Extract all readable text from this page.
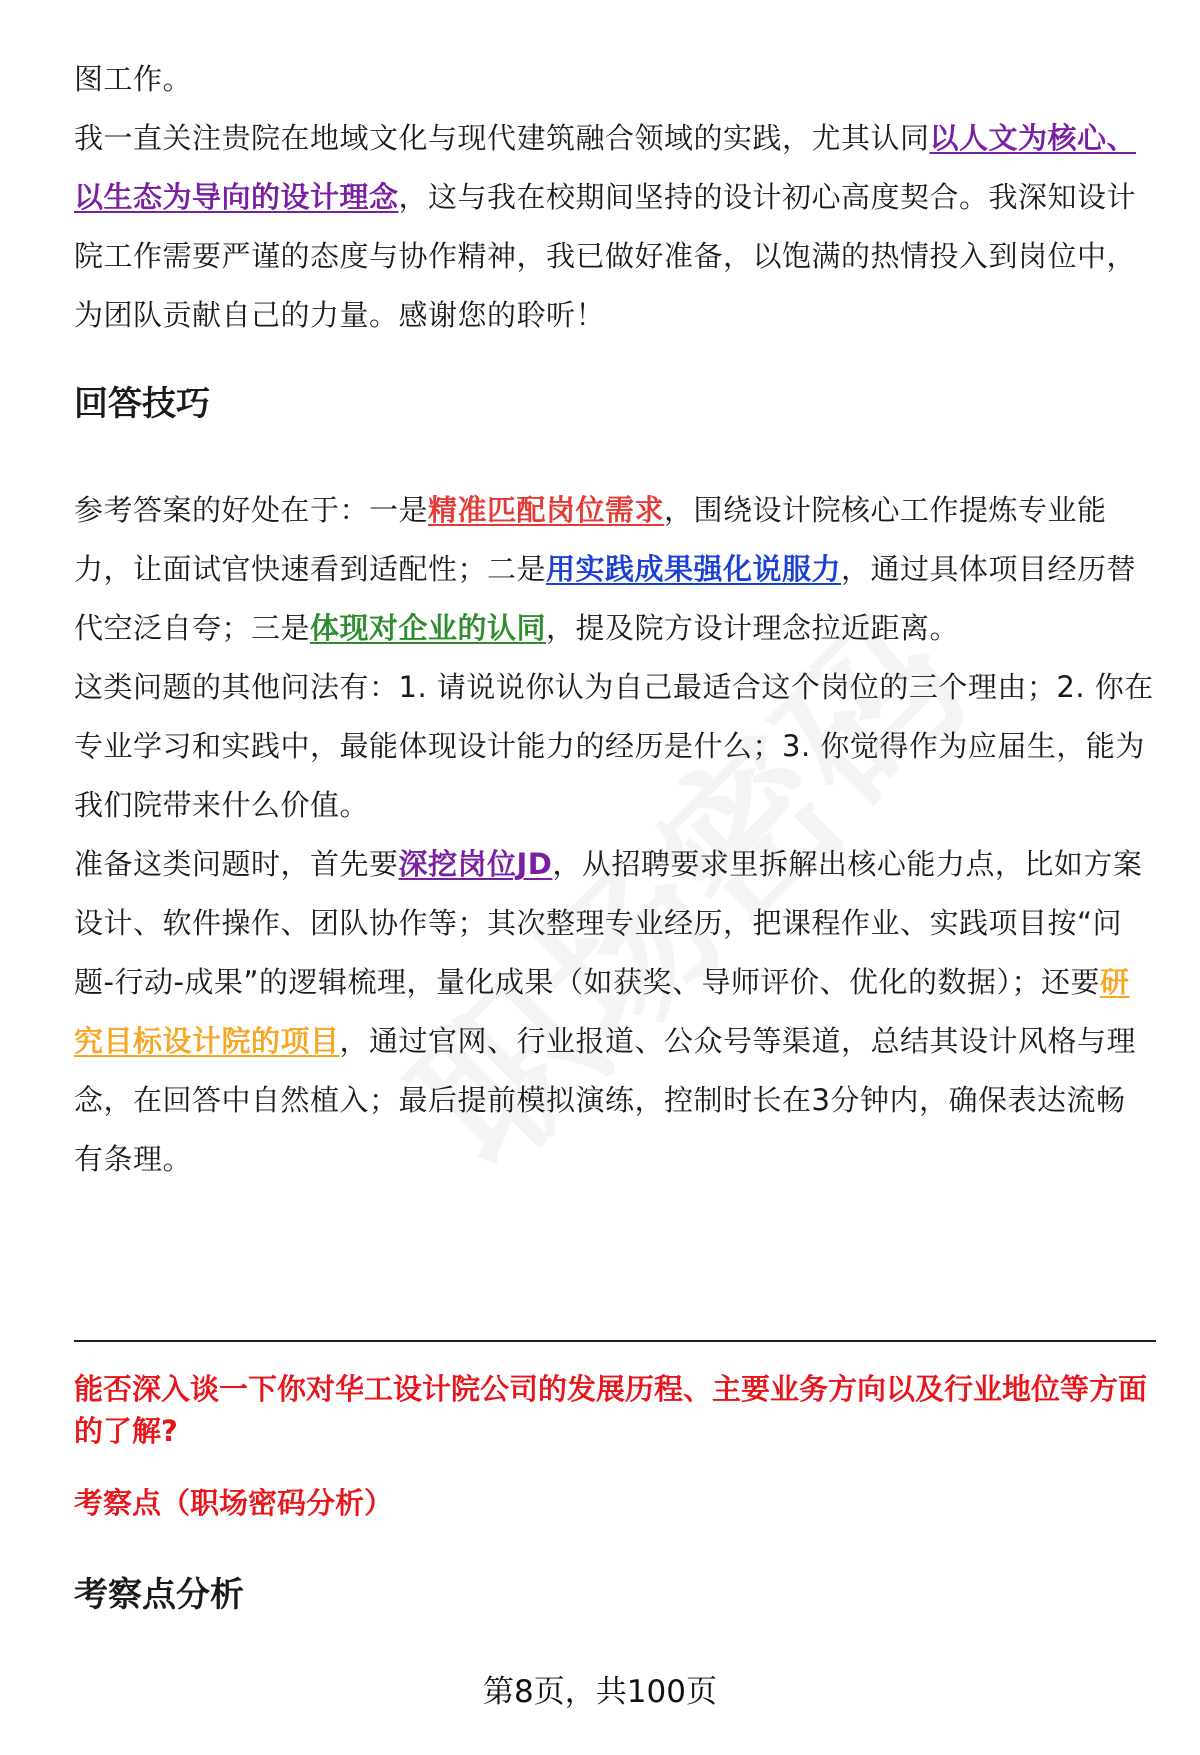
图工作。

我一直关注贵院在地域文化与现代建筑融合领域的实践，尤其认同以人文为核心、以生态为导向的设计理念，这与我在校期间坚持的设计初心高度契合。我深知设计院工作需要严谨的态度与协作精神，我已做好准备，以饱满的热情投入到岗位中，为团队贡献自己的力量。感谢您的聆听！

回答技巧

参考答案的好处在于：一是精准匹配岗位需求，围绕设计院核心工作提炼专业能力，让面试官快速看到适配性；二是用实践成果强化说服力，通过具体项目经历替代空泛自夸；三是体现对企业的认同，提及院方设计理念拉近距离。

这类问题的其他问法有：1. 请说说你认为自己最适合这个岗位的三个理由；2. 你在专业学习和实践中，最能体现设计能力的经历是什么；3. 你觉得作为应届生，能为我们院带来什么价值。

准备这类问题时，首先要深挖岗位JD，从招聘要求里拆解出核心能力点，比如方案设计、软件操作、团队协作等；其次整理专业经历，把课程作业、实践项目按“问题-行动-成果”的逻辑梳理，量化成果（如获奖、导师评价、优化的数据）；还要研究目标设计院的项目，通过官网、行业报道、公众号等渠道，总结其设计风格与理念，在回答中自然植入；最后提前模拟演练，控制时长在3分钟内，确保表达流畅有条理。

能否深入谈一下你对华工设计院公司的发展历程、主要业务方向以及行业地位等方面的了解?

考察点（职场密码分析）

考察点分析
第8页，共100页
